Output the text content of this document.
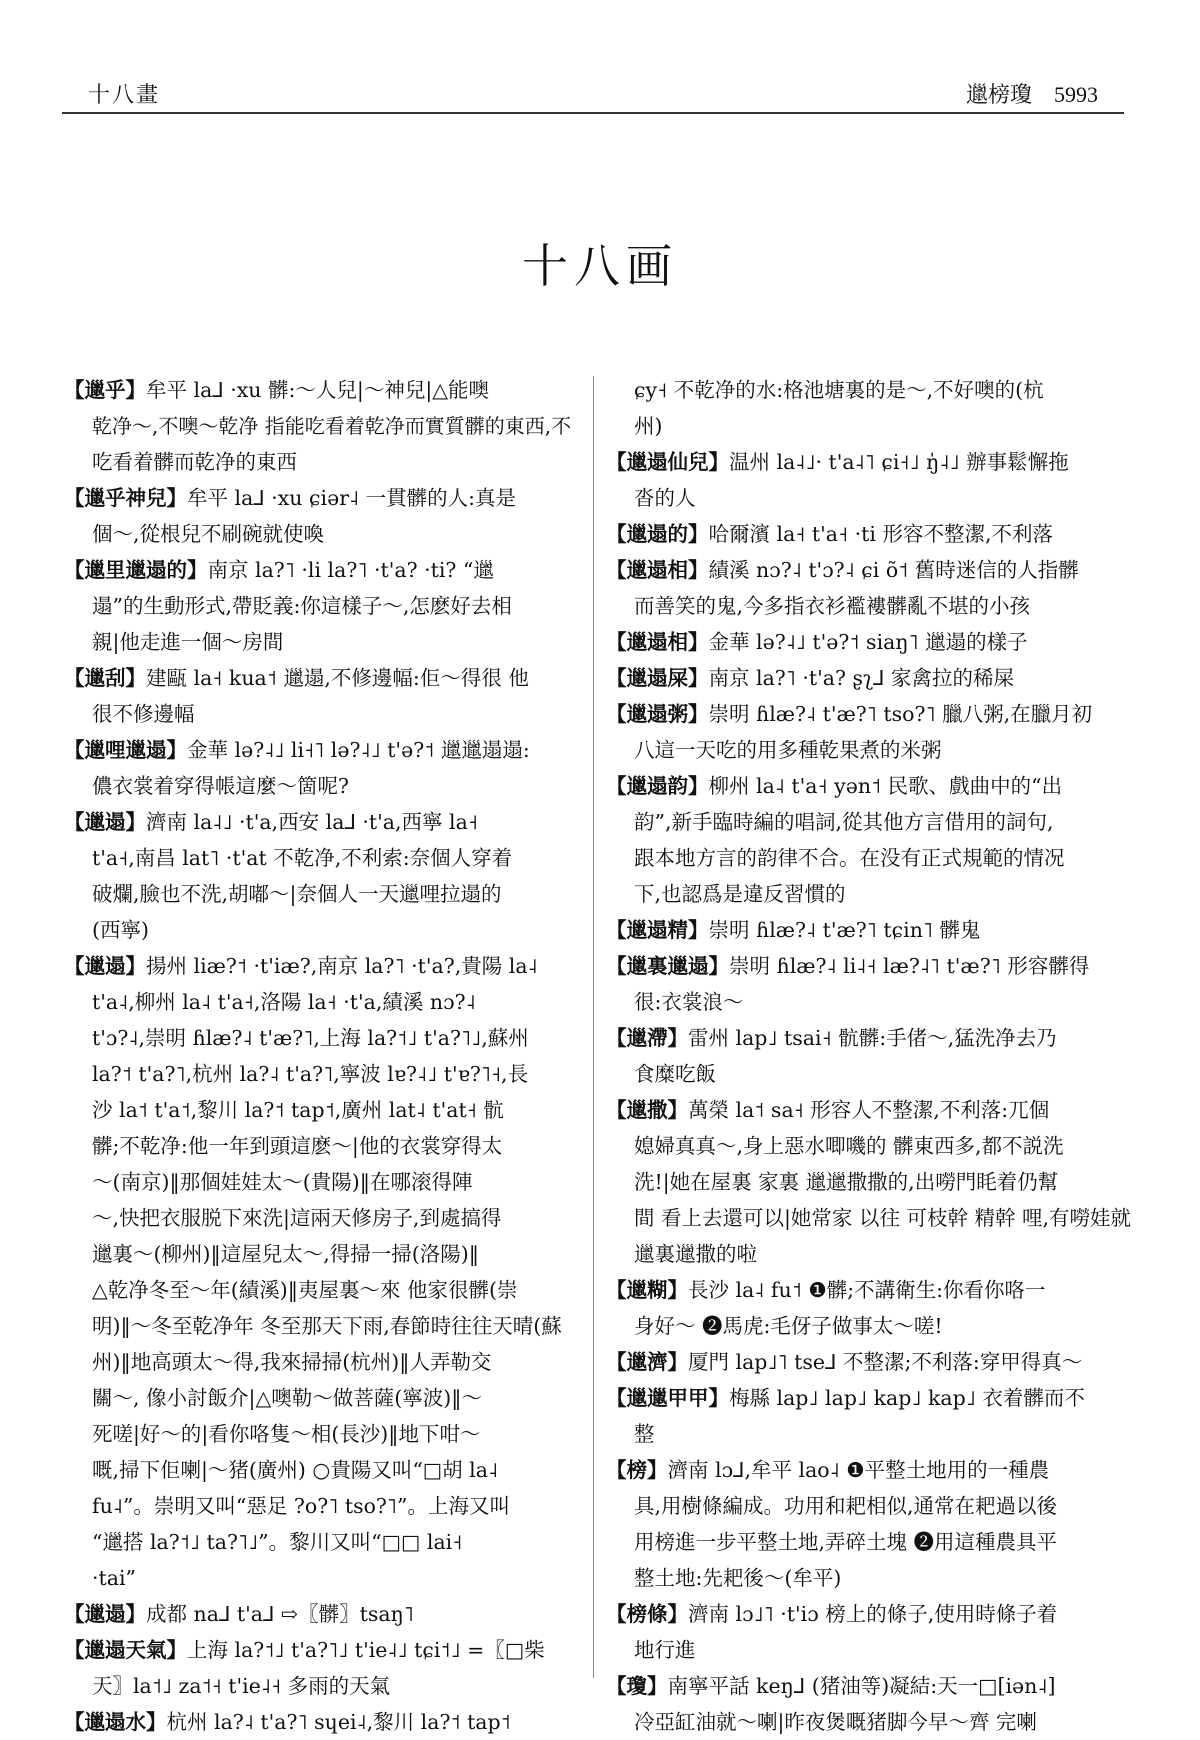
十八畫	邋榜瓊 5993
十八画
【邋乎】牟平 la⅃ ·xu 髒:～人兒|～神兒|△能噢
乾净～,不噢～乾净 指能吃看着乾净而實質髒的東西,不
吃看着髒而乾净的東西
【邋乎神兒】牟平 la⅃ ·xu ɕiər˨ 一貫髒的人:真是
個～,從根兒不刷碗就使喚
【邋里邋遢的】南京 la?˥ ·li la?˥ ·t'a? ·ti? “邋
遢”的生動形式,帶貶義:你這樣子～,怎麽好去相
親|他走進一個～房間
【邋刮】建甌 la˧ kua˦ 邋遢,不修邊幅:佢～得很 他
很不修邊幅
【邋哩邋遢】金華 lə?˨˩ li˧˥ lə?˨˩ t'ə?˦ 邋邋遢遢:
儂衣裳着穿得帳這麼～箇呢?
【邋遢】濟南 la˨˩ ·t'a,西安 la⅃ ·t'a,西寧 la˧
t'a˧,南昌 lat˥ ·t'at 不乾净,不利索:奈個人穿着
破爛,臉也不洗,胡嘟～|奈個人一天邋哩拉遢的
(西寧)
【邋遢】揚州 liæ?˦ ·t'iæ?,南京 la?˥ ·t'a?,貴陽 la˨
t'a˨,柳州 la˨ t'a˧,洛陽 la˧ ·t'a,績溪 nɔ?˨
t'ɔ?˨,崇明 ɦlæ?˨ t'æ?˥,上海 la?˦˩ t'a?˥˩,蘇州
la?˦ t'a?˥,杭州 la?˨ t'a?˥,寧波 lɐ?˨˩ t'ɐ?˥˧,長
沙 la˦ t'a˦,黎川 la?˦ tap˦,廣州 lat˨ t'at˧ 骯
髒;不乾净:他一年到頭這麽～|他的衣裳穿得太
～(南京)‖那個娃娃太～(貴陽)‖在哪滚得陣
～,快把衣服脱下來洗|這兩天修房子,到處搞得
邋裏～(柳州)‖這屋兒太～,得掃一掃(洛陽)‖
△乾净冬至～年(績溪)‖夷屋裏～來 他家很髒(崇
明)‖～冬至乾净年 冬至那天下雨,春節時往往天晴(蘇
州)‖地高頭太～得,我來掃掃(杭州)‖人弄勒交
關～, 像小討飯介|△噢勒～做菩薩(寧波)‖～
死嗟|好～的|看你咯隻～相(長沙)‖地下咁～
嘅,掃下佢喇|～猪(廣州) ○貴陽又叫“□胡 la˨
fu˨”。崇明又叫“惡足 ?o?˥ tso?˥”。上海又叫
“邋搭 la?˦˩ ta?˥˩”。黎川又叫“□□ lai˧
·tai”
【邋遢】成都 na⅃ t'a⅃ ⇨〖髒〗tsaŋ˥
【邋遢天氣】上海 la?˦˩ t'a?˥˩ t'ie˨˩ tɕi˦˩ =〖□柴
天〗la˦˩ za˦˧ t'ie˨˧ 多雨的天氣
【邋遢水】杭州 la?˨ t'a?˥ sɥei˨,黎川 la?˦ tap˦
ɕy˧ 不乾净的水:格池塘裏的是～,不好噢的(杭
州)
【邋遢仙兒】温州 la˨˩· t'a˨˥ ɕi˧˩ ŋ̍˨˩ 辦事鬆懈拖
沓的人
【邋遢的】哈爾濱 la˧ t'a˧ ·ti 形容不整潔,不利落
【邋遢相】績溪 nɔ?˨ t'ɔ?˨ ɕi õ˦ 舊時迷信的人指髒
而善笑的鬼,今多指衣衫襤褸髒亂不堪的小孩
【邋遢相】金華 lə?˨˩ t'ə?˦ siaŋ˥ 邋遢的樣子
【邋遢屎】南京 la?˥ ·t'a? ʂʅ⅃ 家禽拉的稀屎
【邋遢粥】崇明 ɦlæ?˨ t'æ?˥ tso?˥ 臘八粥,在臘月初
八這一天吃的用多種乾果煮的米粥
【邋遢韵】柳州 la˨ t'a˧ yən˦ 民歌、戲曲中的“出
韵”,新手臨時編的唱詞,從其他方言借用的詞句,
跟本地方言的韵律不合。在没有正式規範的情况
下,也認爲是違反習慣的
【邋遢精】崇明 ɦlæ?˨ t'æ?˥ tɕin˥ 髒鬼
【邋裏邋遢】崇明 ɦlæ?˨ li˨˧ læ?˨˥ t'æ?˥ 形容髒得
很:衣裳浪～
【邋滯】雷州 lap˩ tsai˧ 骯髒:手偖～,猛洗净去乃
食糜吃飯
【邋撒】萬榮 la˦ sa˧ 形容人不整潔,不利落:兀個
媳婦真真～,身上惡水唧嘰的 髒東西多,都不説洗
洗!|她在屋裏 家裏 邋邋撒撒的,出嘮門眊着仍幫
間 看上去還可以|她常家 以往 可枝幹 精幹 哩,有嘮娃就
邋裏邋撒的啦
【邋糊】長沙 la˨ fu˦ ❶髒;不講衛生:你看你咯一
身好～ ❷馬虎:毛伢子做事太～嗟!
【邋濟】厦門 lap˩˥ tse⅃ 不整潔;不利落:穿甲得真～
【邋邋甲甲】梅縣 lap˩ lap˩ kap˩ kap˩ 衣着髒而不
整
【榜】濟南 lɔ⅃,牟平 lao˨ ❶平整土地用的一種農
具,用樹條編成。功用和耙相似,通常在耙過以後
用榜進一步平整土地,弄碎土塊 ❷用這種農具平
整土地:先耙後～(牟平)
【榜條】濟南 lɔ˩˥ ·t'iɔ 榜上的條子,使用時條子着
地行進
【瓊】南寧平話 keŋ⅃ (猪油等)凝結:天一□[iən˨]
冷亞缸油就～喇|昨夜煲嘅猪脚今早～齊 完喇
